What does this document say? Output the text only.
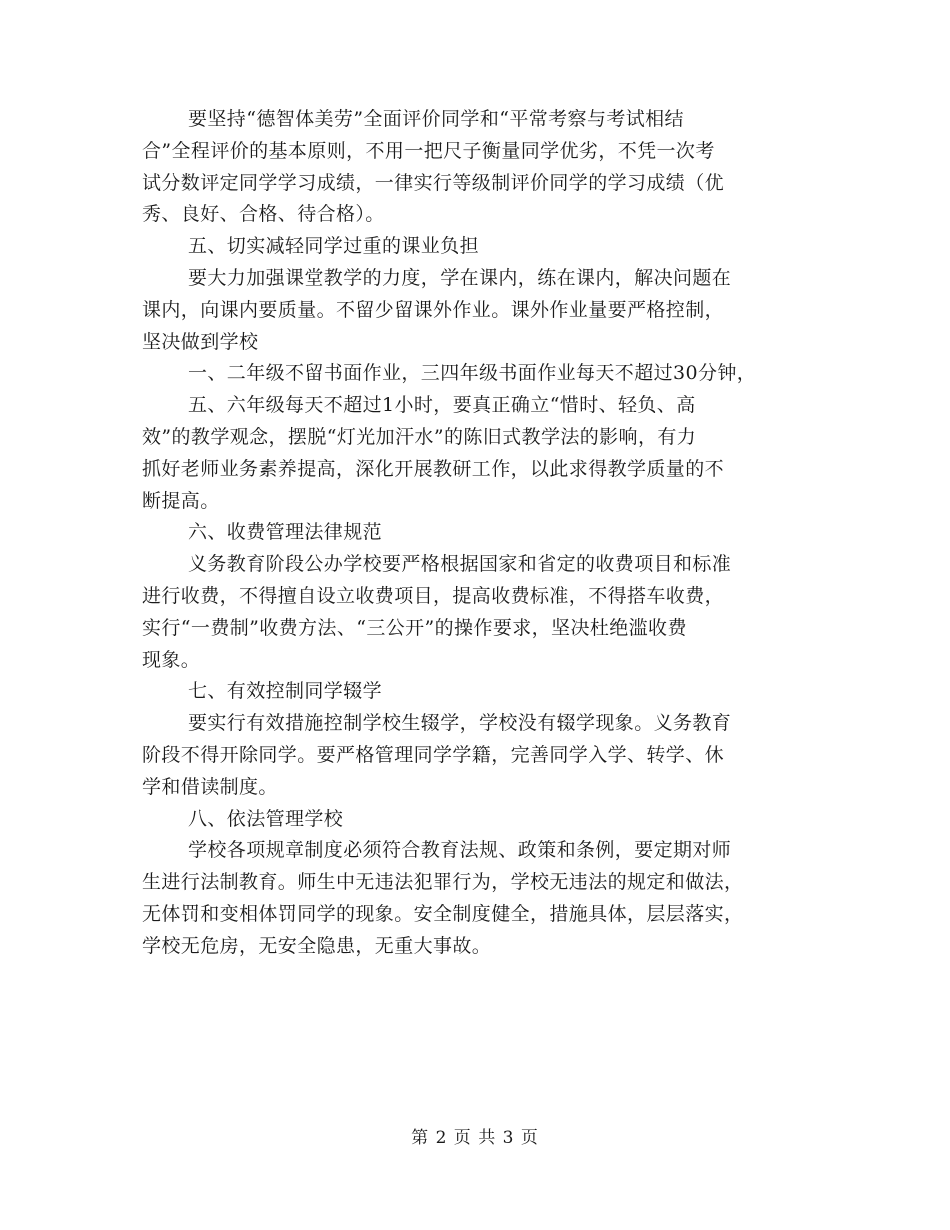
要坚持“德智体美劳”全面评价同学和“平常考察与考试相结
合”全程评价的基本原则，不用一把尺子衡量同学优劣，不凭一次考
试分数评定同学学习成绩，一律实行等级制评价同学的学习成绩（优
秀、良好、合格、待合格）。
五、切实减轻同学过重的课业负担
要大力加强课堂教学的力度，学在课内，练在课内，解决问题在
课内，向课内要质量。不留少留课外作业。课外作业量要严格控制，
坚决做到学校
一、二年级不留书面作业，三四年级书面作业每天不超过30分钟，
五、六年级每天不超过1小时，要真正确立“惜时、轻负、高
效”的教学观念，摆脱“灯光加汗水”的陈旧式教学法的影响，有力
抓好老师业务素养提高，深化开展教研工作，以此求得教学质量的不
断提高。
六、收费管理法律规范
义务教育阶段公办学校要严格根据国家和省定的收费项目和标准
进行收费，不得擅自设立收费项目，提高收费标准，不得搭车收费，
实行“一费制”收费方法、“三公开”的操作要求，坚决杜绝滥收费
现象。
七、有效控制同学辍学
要实行有效措施控制学校生辍学，学校没有辍学现象。义务教育
阶段不得开除同学。要严格管理同学学籍，完善同学入学、转学、休
学和借读制度。
八、依法管理学校
学校各项规章制度必须符合教育法规、政策和条例，要定期对师
生进行法制教育。师生中无违法犯罪行为，学校无违法的规定和做法，
无体罚和变相体罚同学的现象。安全制度健全，措施具体，层层落实，
学校无危房，无安全隐患，无重大事故。
第 2 页 共 3 页
